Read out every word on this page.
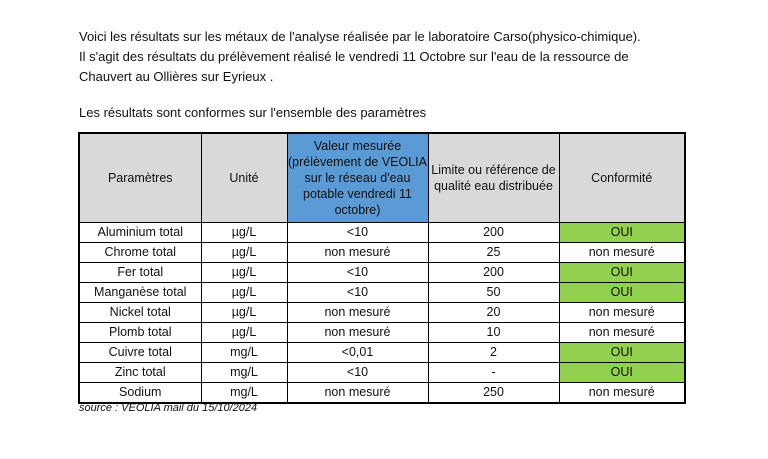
Voici les résultats sur les métaux de l'analyse réalisée par le laboratoire Carso(physico-chimique).

Il s'agit des résultats du prélèvement réalisé le vendredi 11 Octobre sur l'eau de la ressource de

Chauvert au Ollières sur Eyrieux .

Les résultats sont conformes sur l'ensemble des paramètres

Paramètres	Unité	Valeur mesurée (prélèvement de VEOLIA sur le réseau d'eau potable vendredi 11 octobre)	Limite ou référence de qualité eau distribuée	Conformité
Aluminium total	µg/L	<10	200	OUI
Chrome total	µg/L	non mesuré	25	non mesuré
Fer total	µg/L	<10	200	OUI
Manganèse total	µg/L	<10	50	OUI
Nickel total	µg/L	non mesuré	20	non mesuré
Plomb total	µg/L	non mesuré	10	non mesuré
Cuivre total	mg/L	<0,01	2	OUI
Zinc total	mg/L	<10	-	OUI
Sodium	mg/L	non mesuré	250	non mesuré

source : VEOLIA mail du 15/10/2024
